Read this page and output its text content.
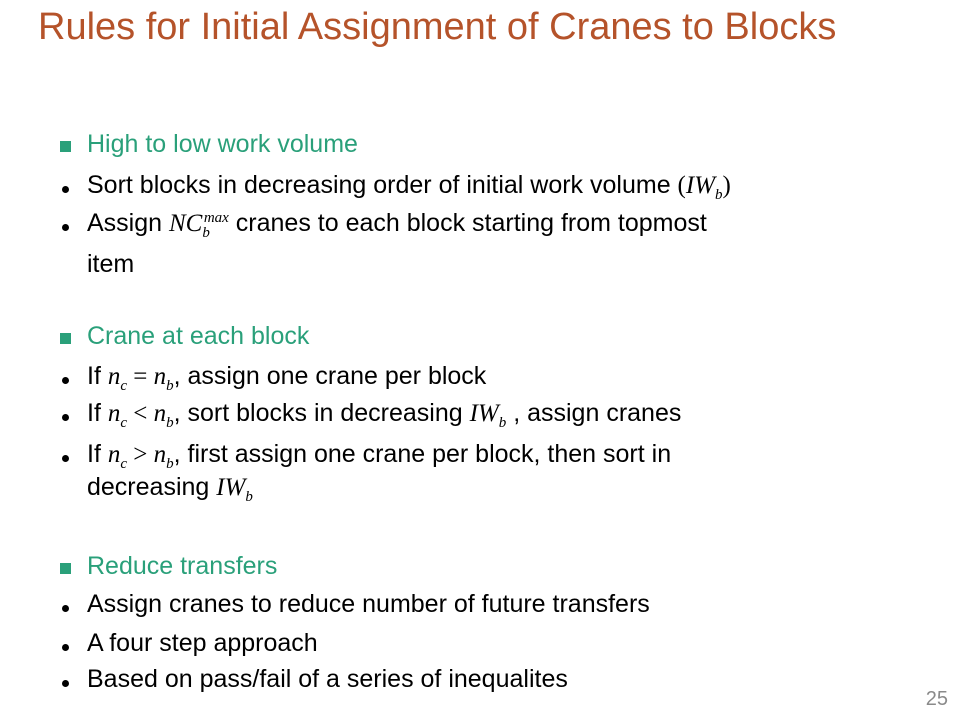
Rules for Initial Assignment of Cranes to Blocks
High to low work volume
Sort blocks in decreasing order of initial work volume $(IW_b)$
Assign $NC_b^{max}$ cranes to each block starting from topmost
item
Crane at each block
If $n_c = n_b$, assign one crane per block
If $n_c < n_b$, sort blocks in decreasing $IW_b$ , assign cranes
If $n_c > n_b$, first assign one crane per block, then sort in
decreasing $IW_b$
Reduce transfers
Assign cranes to reduce number of future transfers
A four step approach
Based on pass/fail of a series of inequalites
25
